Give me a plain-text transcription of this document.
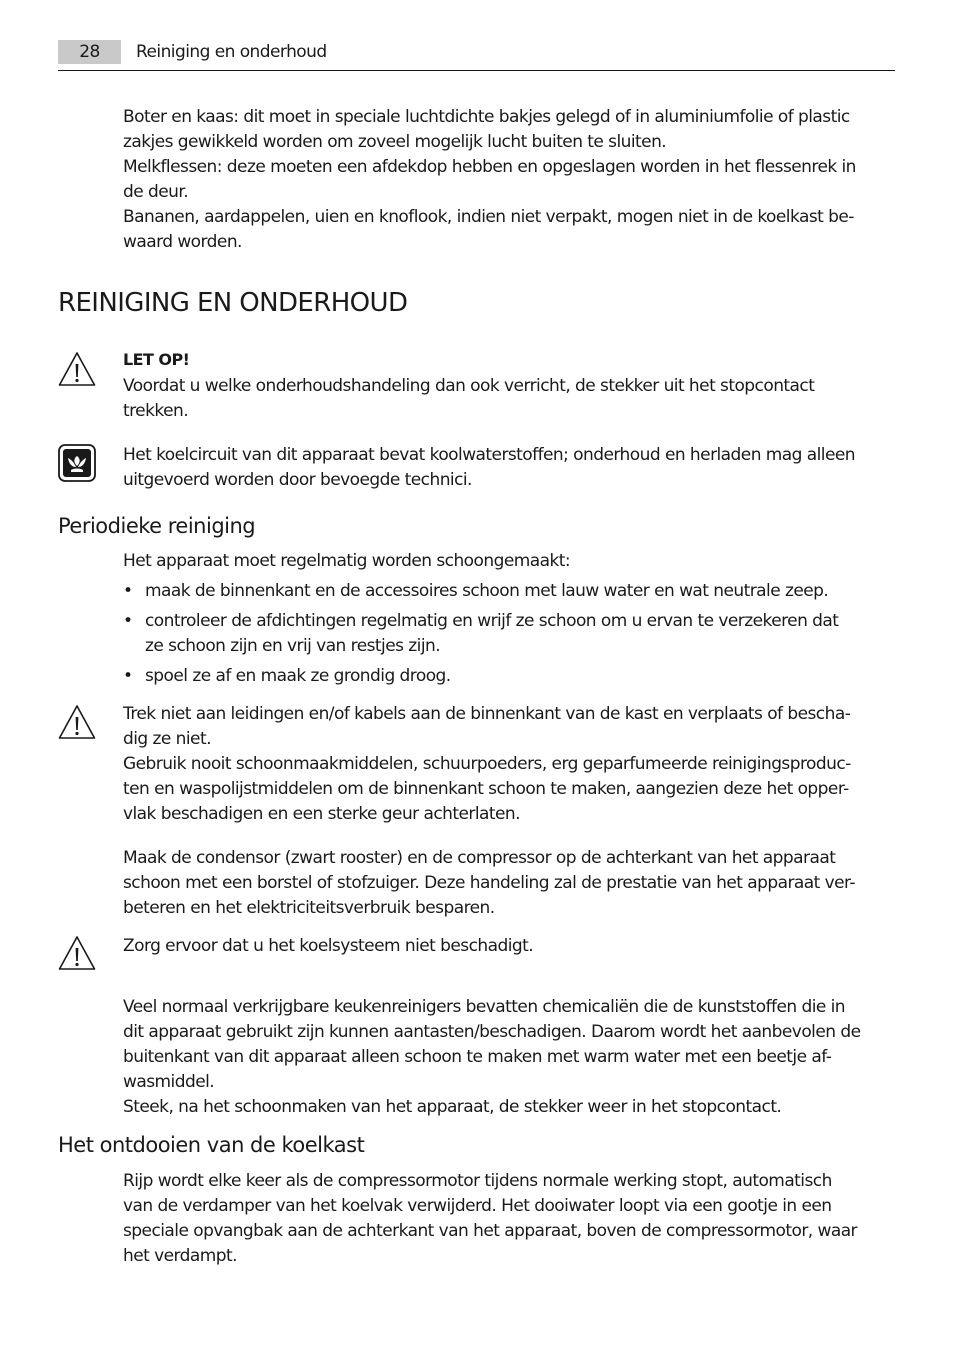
28	Reiniging en onderhoud
Boter en kaas: dit moet in speciale luchtdichte bakjes gelegd of in aluminiumfolie of plastic
zakjes gewikkeld worden om zoveel mogelijk lucht buiten te sluiten.
Melkflessen: deze moeten een afdekdop hebben en opgeslagen worden in het flessenrek in
de deur.
Bananen, aardappelen, uien en knoflook, indien niet verpakt, mogen niet in de koelkast be-
waard worden.
REINIGING EN ONDERHOUD
LET OP!
Voordat u welke onderhoudshandeling dan ook verricht, de stekker uit het stopcontact
trekken.
Het koelcircuit van dit apparaat bevat koolwaterstoffen; onderhoud en herladen mag alleen
uitgevoerd worden door bevoegde technici.
Periodieke reiniging
Het apparaat moet regelmatig worden schoongemaakt:
• maak de binnenkant en de accessoires schoon met lauw water en wat neutrale zeep.
• controleer de afdichtingen regelmatig en wrijf ze schoon om u ervan te verzekeren dat
ze schoon zijn en vrij van restjes zijn.
• spoel ze af en maak ze grondig droog.
Trek niet aan leidingen en/of kabels aan de binnenkant van de kast en verplaats of bescha-
dig ze niet.
Gebruik nooit schoonmaakmiddelen, schuurpoeders, erg geparfumeerde reinigingsproduc-
ten en waspolijstmiddelen om de binnenkant schoon te maken, aangezien deze het opper-
vlak beschadigen en een sterke geur achterlaten.
Maak de condensor (zwart rooster) en de compressor op de achterkant van het apparaat
schoon met een borstel of stofzuiger. Deze handeling zal de prestatie van het apparaat ver-
beteren en het elektriciteitsverbruik besparen.
Zorg ervoor dat u het koelsysteem niet beschadigt.
Veel normaal verkrijgbare keukenreinigers bevatten chemicaliën die de kunststoffen die in
dit apparaat gebruikt zijn kunnen aantasten/beschadigen. Daarom wordt het aanbevolen de
buitenkant van dit apparaat alleen schoon te maken met warm water met een beetje af-
wasmiddel.
Steek, na het schoonmaken van het apparaat, de stekker weer in het stopcontact.
Het ontdooien van de koelkast
Rijp wordt elke keer als de compressormotor tijdens normale werking stopt, automatisch
van de verdamper van het koelvak verwijderd. Het dooiwater loopt via een gootje in een
speciale opvangbak aan de achterkant van het apparaat, boven de compressormotor, waar
het verdampt.
